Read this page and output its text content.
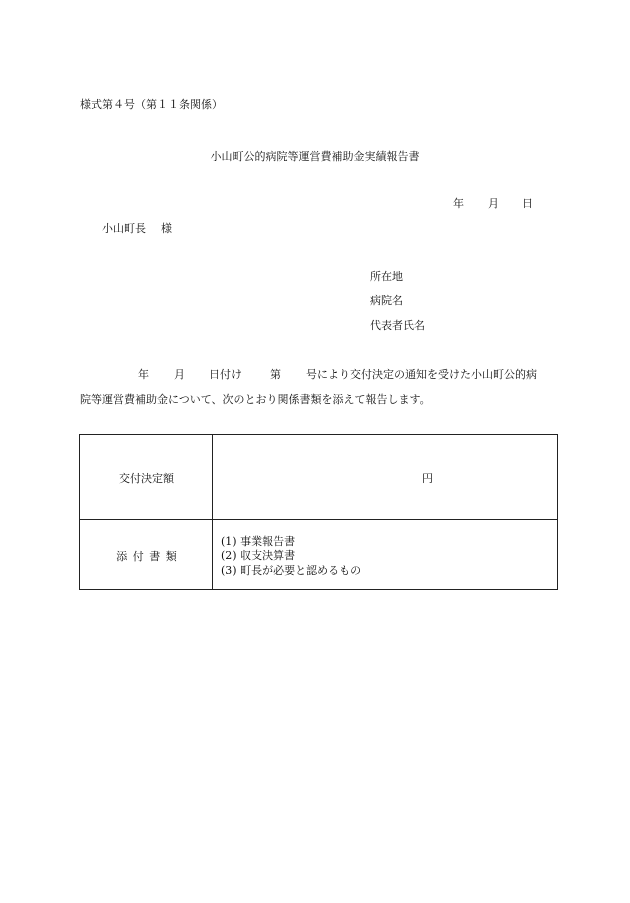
様式第４号（第１１条関係）
小山町公的病院等運営費補助金実績報告書
年 月 日
小山町長 様
所在地
病院名
代表者氏名
年 月 日付け	第 号により交付決定の通知を受けた小山町公的病
院等運営費補助金について、次のとおり関係書類を添えて報告します。
交付決定額	円
添付書類
(1) 事業報告書
(2) 収支決算書
(3) 町長が必要と認めるもの
